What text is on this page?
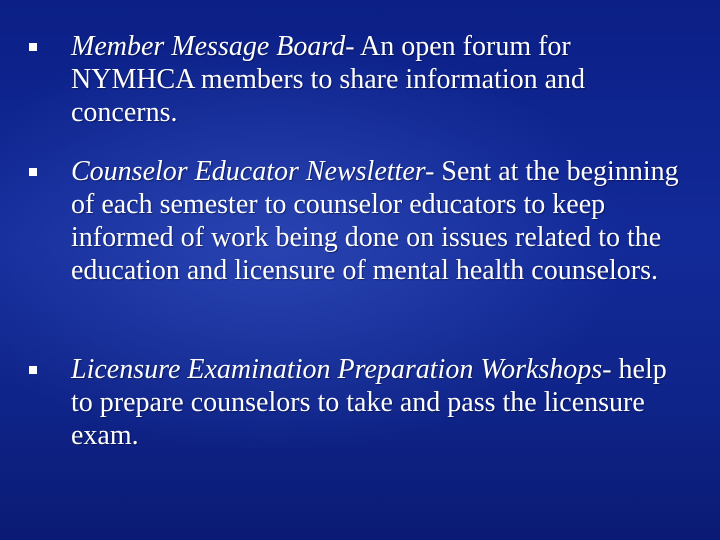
Member Message Board- An open forum for NYMHCA members to share information and concerns.
Counselor Educator Newsletter- Sent at the beginning of each semester to counselor educators to keep informed of work being done on issues related to the education and licensure of mental health counselors.
Licensure Examination Preparation Workshops- help to prepare counselors to take and pass the licensure exam.
